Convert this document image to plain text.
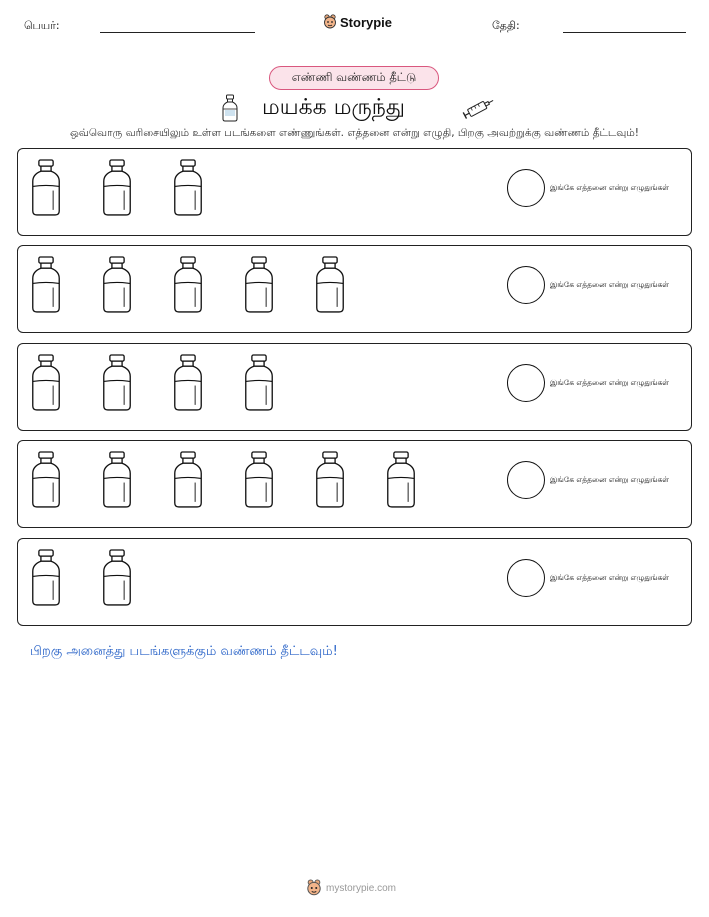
பெயர்:	Storypie	தேதி:
எண்ணி வண்ணம் தீட்டு
மயக்க மருந்து
ஒவ்வொரு வரிசையிலும் உள்ள படங்களை எண்ணுங்கள். எத்தனை என்று எழுதி, பிறகு அவற்றுக்கு வண்ணம் தீட்டவும்!
இங்கே எத்தனை என்று எழுதுங்கள்
இங்கே எத்தனை என்று எழுதுங்கள்
இங்கே எத்தனை என்று எழுதுங்கள்
இங்கே எத்தனை என்று எழுதுங்கள்
இங்கே எத்தனை என்று எழுதுங்கள்
பிறகு அனைத்து படங்களுக்கும் வண்ணம் தீட்டவும்!
mystorypie.com
